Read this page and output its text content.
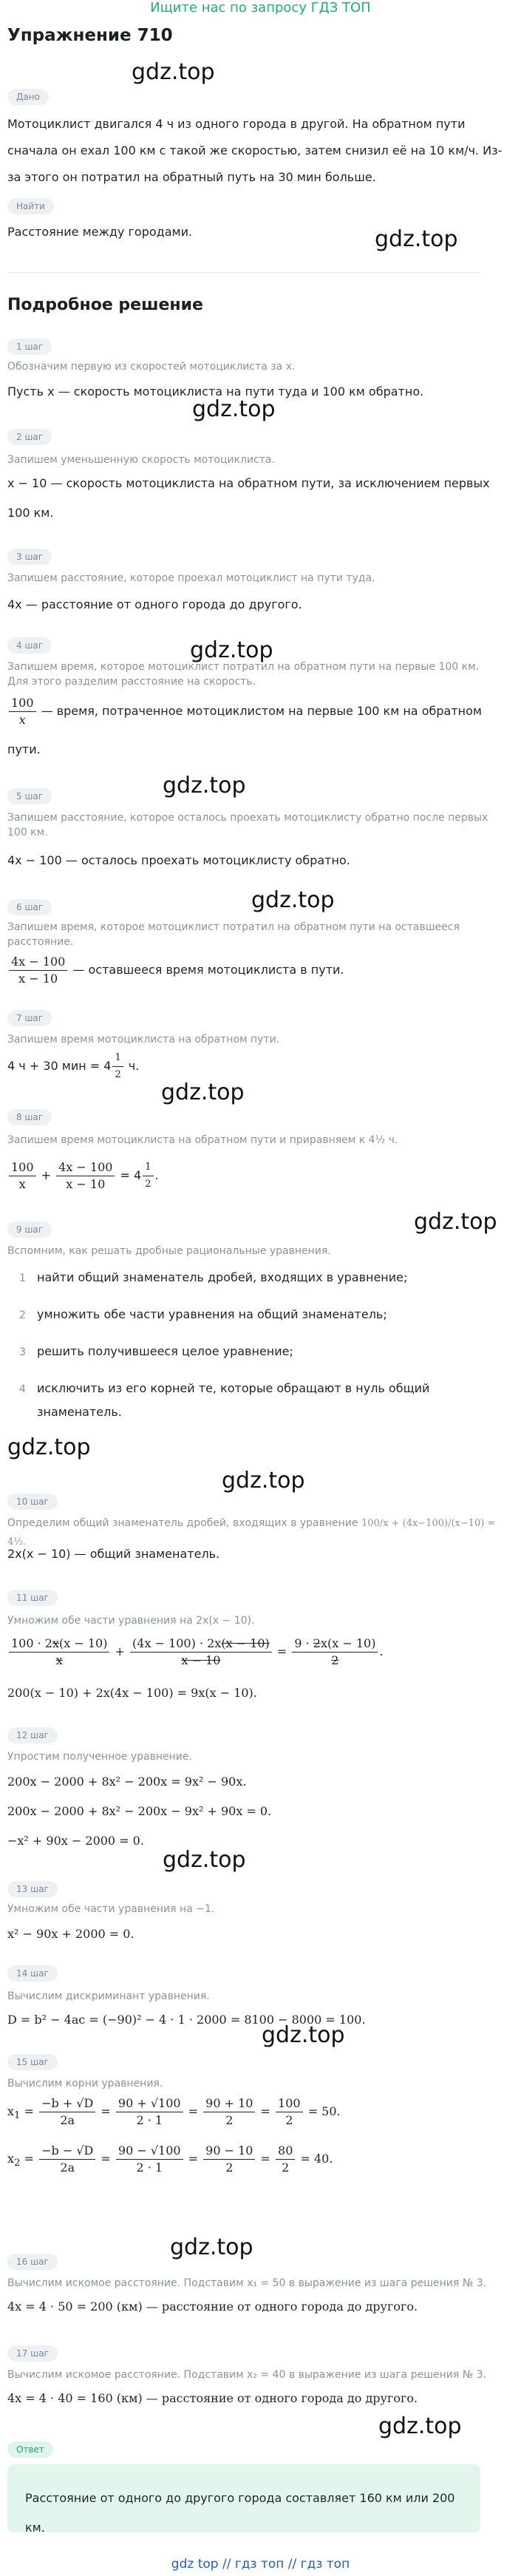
Ищите нас по запросу ГДЗ ТОП
Упражнение 710
gdz.top
Дано
Мотоциклист двигался 4 ч из одного города в другой. На обратном пути сначала он ехал 100 км с такой же скоростью, затем снизил её на 10 км/ч. Из-за этого он потратил на обратный путь на 30 мин больше.
Найти
Расстояние между городами.	gdz.top
Подробное решение
1 шаг
Обозначим первую из скоростей мотоциклиста за x.
gdz.top
Пусть x — скорость мотоциклиста на пути туда и 100 км обратно.
2 шаг
Запишем уменьшенную скорость мотоциклиста.
x − 10 — скорость мотоциклиста на обратном пути, за исключением первых
100 км.
3 шаг
Запишем расстояние, которое проехал мотоциклист на пути туда.
4x — расстояние от одного города до другого.
4 шаг	gdz.top
Запишем время, которое мотоциклист потратил на обратном пути на первые 100 км.
Для этого разделим расстояние на скорость.
$\frac{100}{x}$ — время, потраченное мотоциклистом на первые 100 км на обратном
пути.
gdz.top
5 шаг
Запишем расстояние, которое осталось проехать мотоциклисту обратно после первых
100 км.
4x − 100 — осталось проехать мотоциклисту обратно.
gdz.top
6 шаг
Запишем время, которое мотоциклист потратил на обратном пути на оставшееся
расстояние.
$\frac{4x - 100}{x - 10}$ — оставшееся время мотоциклиста в пути.
7 шаг
Запишем время мотоциклиста на обратном пути.
4 ч + 30 мин = $4 \frac{1}{2} ч$.
gdz.top
8 шаг
Запишем время мотоциклиста на обратном пути и приравняем к 4½ ч.
$\frac{100}{x} + \frac{4x - 100}{x - 10} = 4 \frac{1}{2}$ .
gdz.top
9 шаг
Вспомним, как решать дробные рациональные уравнения.
1 найти общий знаменатель дробей, входящих в уравнение;
2 умножить обе части уравнения на общий знаменатель;
3 решить получившееся целое уравнение;
4 исключить из его корней те, которые обращают в нуль общий
знаменатель.
gdz.top
gdz.top
10 шаг
Определим общий знаменатель дробей, входящих в уравнение 100/x + (4x−100)/(x−10) = 4½.
2x(x − 10) — общий знаменатель.
11 шаг
Умножим обе части уравнения на 2x(x − 10).
$\frac{100 \cdot 2x(x - 10)}{x} + \frac{(4x - 100) \cdot 2x(x - 10)}{x - 10} = \frac{9 \cdot 2x(x - 10)}{2}$ .
200(x − 10) + 2x(4x − 100) = 9x(x − 10).
12 шаг
Упростим полученное уравнение.
200x − 2000 + 8x² − 200x = 9x² − 90x.
200x − 2000 + 8x² − 200x − 9x² + 90x = 0.
−x² + 90x − 2000 = 0.
gdz.top
13 шаг
Умножим обе части уравнения на −1.
x² − 90x + 2000 = 0.
14 шаг
Вычислим дискриминант уравнения.
D = b² − 4ac = (−90)² − 4 · 1 · 2000 = 8100 − 8000 = 100.
gdz.top
15 шаг
Вычислим корни уравнения.
$x_1 = \frac{-b + √D}{2a} = \frac{90 + √100}{2 \cdot 1} = \frac{90 + 10}{2} = \frac{100}{2} = 50$.
$x_2 = \frac{-b - √D}{2a} = \frac{90 - √100}{2 \cdot 1} = \frac{90 - 10}{2} = \frac{80}{2} = 40$.
gdz.top
16 шаг
Вычислим искомое расстояние. Подставим x₁ = 50 в выражение из шага решения № 3.
4x = 4 · 50 = 200 (км) — расстояние от одного города до другого.
17 шаг
Вычислим искомое расстояние. Подставим x₂ = 40 в выражение из шага решения № 3.
4x = 4 · 40 = 160 (км) — расстояние от одного города до другого.
gdz.top
Ответ
Расстояние от одного до другого города составляет 160 км или 200 км.
gdz top // гдз топ // гдз топ
